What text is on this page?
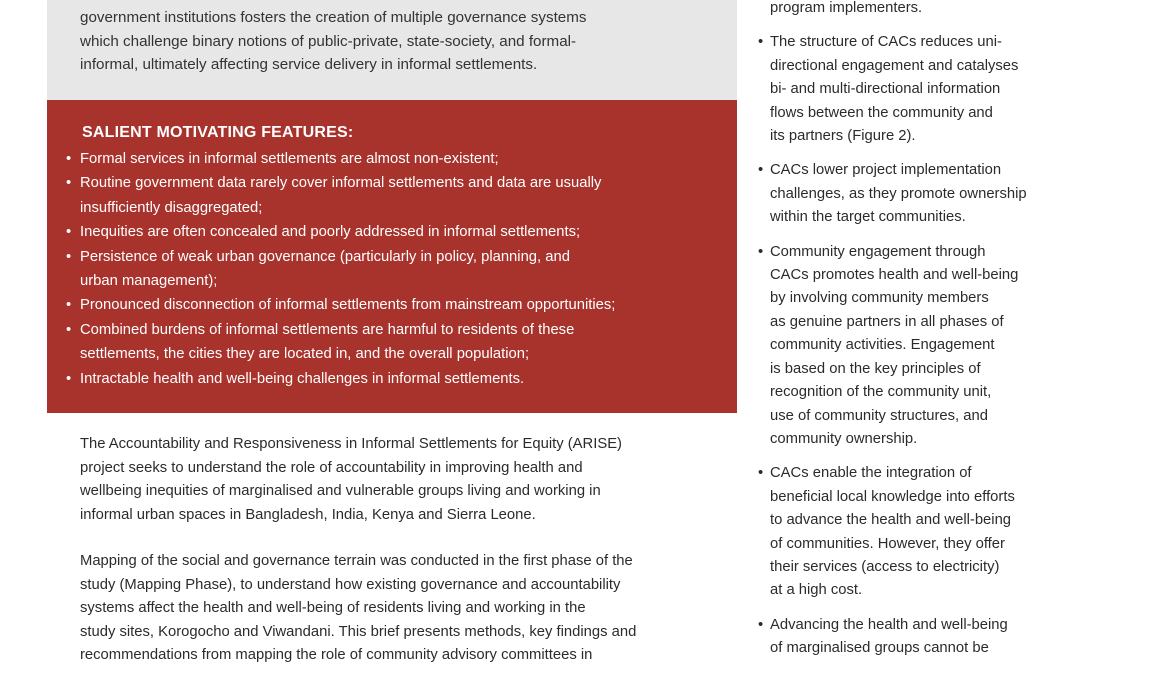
government institutions fosters the creation of multiple governance systems
which challenge binary notions of public-private, state-society, and formal-
informal, ultimately affecting service delivery in informal settlements.

SALIENT MOTIVATING FEATURES:
• Formal services in informal settlements are almost non-existent;
• Routine government data rarely cover informal settlements and data are usually
insufficiently disaggregated;
• Inequities are often concealed and poorly addressed in informal settlements;
• Persistence of weak urban governance (particularly in policy, planning, and
urban management);
• Pronounced disconnection of informal settlements from mainstream opportunities;
• Combined burdens of informal settlements are harmful to residents of these
settlements, the cities they are located in, and the overall population;
• Intractable health and well-being challenges in informal settlements.

The Accountability and Responsiveness in Informal Settlements for Equity (ARISE)
project seeks to understand the role of accountability in improving health and
wellbeing inequities of marginalised and vulnerable groups living and working in
informal urban spaces in Bangladesh, India, Kenya and Sierra Leone.

Mapping of the social and governance terrain was conducted in the first phase of the
study (Mapping Phase), to understand how existing governance and accountability
systems affect the health and well-being of residents living and working in the
study sites, Korogocho and Viwandani. This brief presents methods, key findings and
recommendations from mapping the role of community advisory committees in

program implementers.
• The structure of CACs reduces uni-
directional engagement and catalyses
bi- and multi-directional information
flows between the community and
its partners (Figure 2).
• CACs lower project implementation
challenges, as they promote ownership
within the target communities.
• Community engagement through
CACs promotes health and well-being
by involving community members
as genuine partners in all phases of
community activities. Engagement
is based on the key principles of
recognition of the community unit,
use of community structures, and
community ownership.
• CACs enable the integration of
beneficial local knowledge into efforts
to advance the health and well-being
of communities. However, they offer
their services (access to electricity)
at a high cost.
• Advancing the health and well-being
of marginalised groups cannot be
